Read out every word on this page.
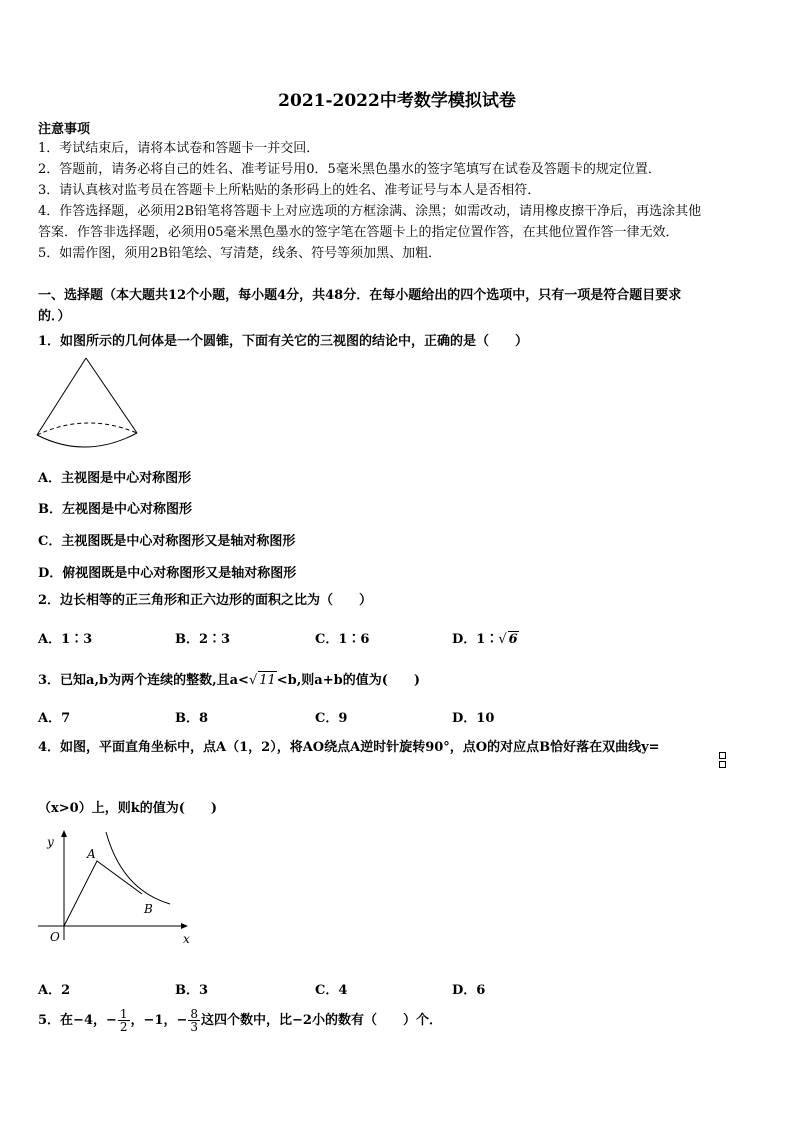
2021-2022中考数学模拟试卷
注意事项
1．考试结束后，请将本试卷和答题卡一并交回．
2．答题前，请务必将自己的姓名、准考证号用0．5毫米黑色墨水的签字笔填写在试卷及答题卡的规定位置．
3．请认真核对监考员在答题卡上所粘贴的条形码上的姓名、准考证号与本人是否相符．
4．作答选择题，必须用2B铅笔将答题卡上对应选项的方框涂满、涂黑；如需改动，请用橡皮擦干净后，再选涂其他
答案．作答非选择题，必须用05毫米黑色墨水的签字笔在答题卡上的指定位置作答，在其他位置作答一律无效．
5．如需作图，须用2B铅笔绘、写清楚，线条、符号等须加黑、加粗．
一、选择题（本大题共12个小题，每小题4分，共48分．在每小题给出的四个选项中，只有一项是符合题目要求
的．）
1．如图所示的几何体是一个圆锥，下面有关它的三视图的结论中，正确的是（　　）
A．主视图是中心对称图形
B．左视图是中心对称图形
C．主视图既是中心对称图形又是轴对称图形
D．俯视图既是中心对称图形又是轴对称图形
2．边长相等的正三角形和正六边形的面积之比为（　　）
A．1∶3	B．2∶3	C．1∶6	D．1∶√ 6
3．已知a,b为两个连续的整数,且a<√ 11<b,则a+b的值为(　　)
A．7	B．8	C．9	D．10
4．如图，平面直角坐标中，点A（1，2），将AO绕点A逆时针旋转90°，点O的对应点B恰好落在双曲线y=

（x>0）上，则k的值为(　　)
y
x
O
A
B
A．2	B．3	C．4	D．6
5．在−4，− $\frac{1}{2}$ ，−1，− $\frac{8}{3}$ 这四个数中，比−2小的数有（　　）个．
